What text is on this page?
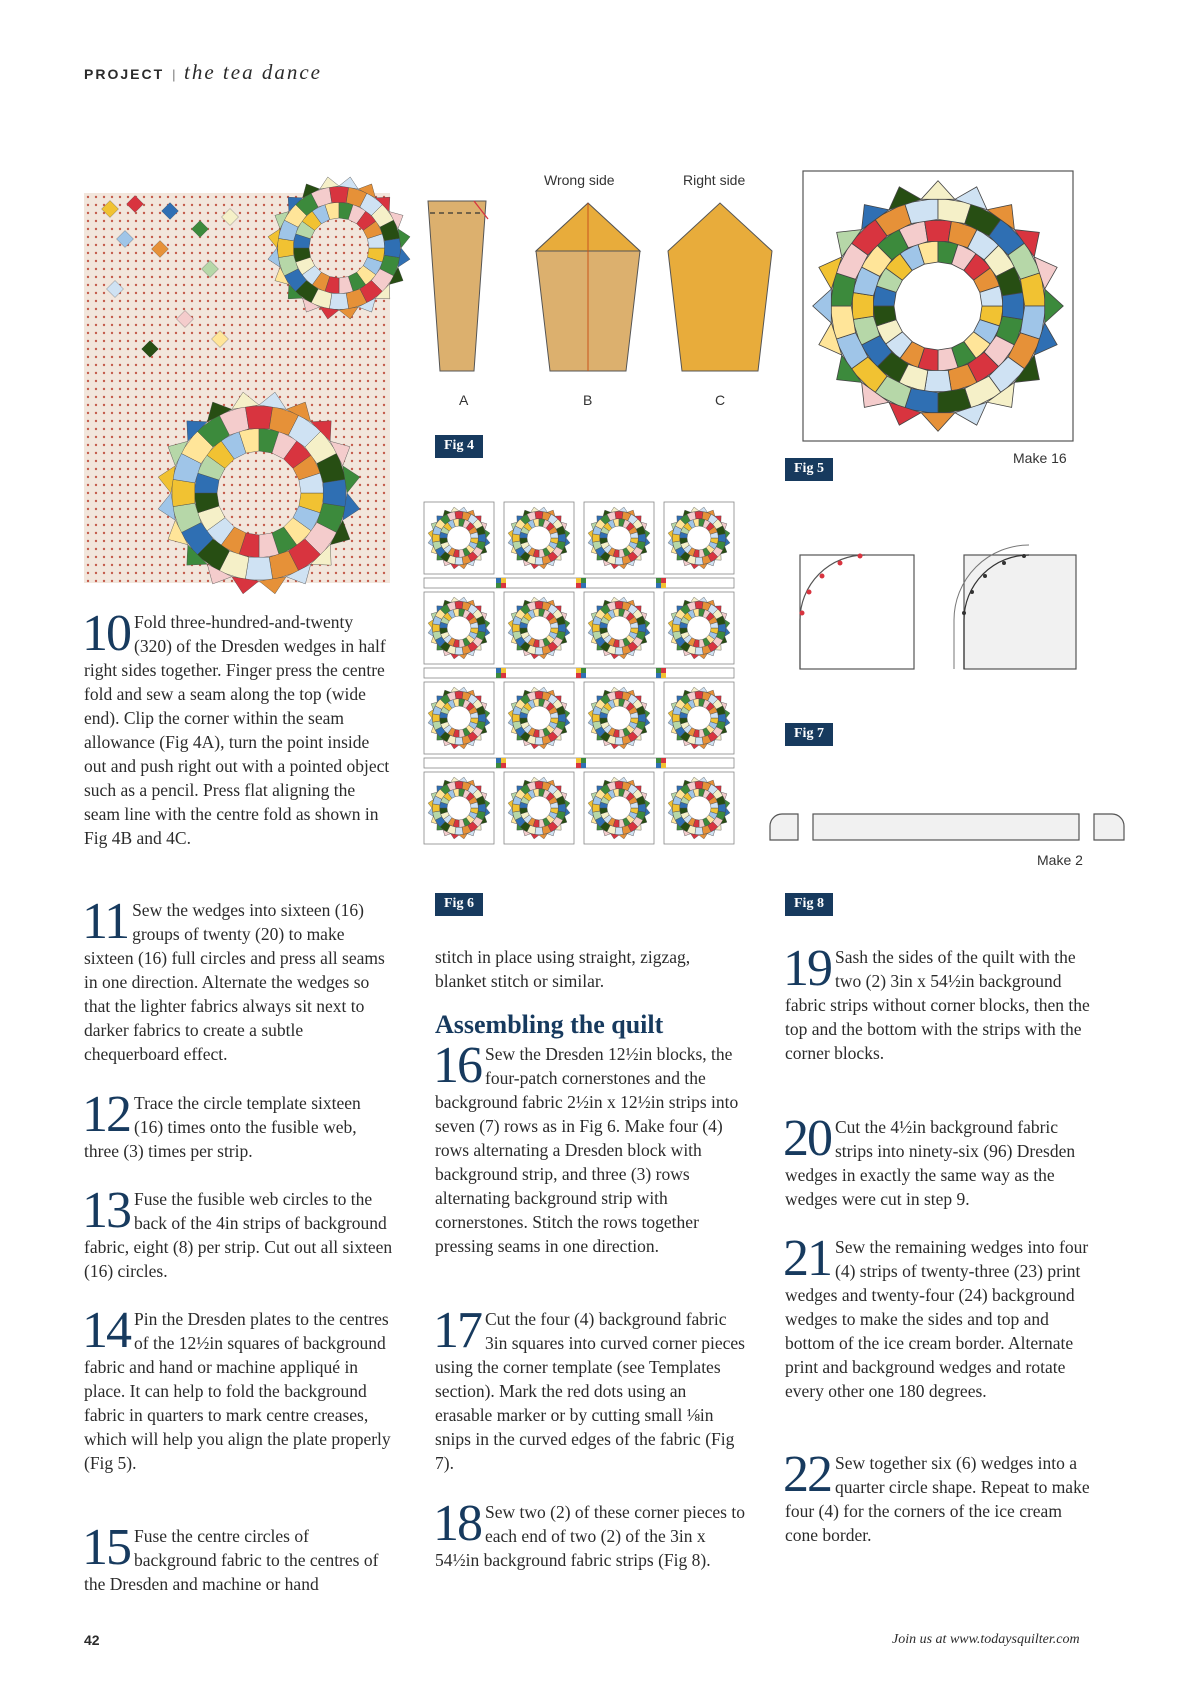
PROJECT | the tea dance
Wrong side	Right side
A	B	C
Fig 4
Make 16
Fig 5
Fig 6
Fig 7
Make 2
Fig 8
10 Fold three-hundred-and-twenty (320) of the Dresden wedges in half right sides together. Finger press the centre fold and sew a seam along the top (wide end). Clip the corner within the seam allowance (Fig 4A), turn the point inside out and push right out with a pointed object such as a pencil. Press flat aligning the seam line with the centre fold as shown in Fig 4B and 4C.

11 Sew the wedges into sixteen (16) groups of twenty (20) to make sixteen (16) full circles and press all seams in one direction. Alternate the wedges so that the lighter fabrics always sit next to darker fabrics to create a subtle chequerboard effect.

12 Trace the circle template sixteen (16) times onto the fusible web, three (3) times per strip.

13 Fuse the fusible web circles to the back of the 4in strips of background fabric, eight (8) per strip. Cut out all sixteen (16) circles.

14 Pin the Dresden plates to the centres of the 12½in squares of background fabric and hand or machine appliqué in place. It can help to fold the background fabric in quarters to mark centre creases, which will help you align the plate properly (Fig 5).

15 Fuse the centre circles of background fabric to the centres of the Dresden and machine or hand

stitch in place using straight, zigzag, blanket stitch or similar.

Assembling the quilt
16 Sew the Dresden 12½in blocks, the four-patch cornerstones and the background fabric 2½in x 12½in strips into seven (7) rows as in Fig 6. Make four (4) rows alternating a Dresden block with background strip, and three (3) rows alternating background strip with cornerstones. Stitch the rows together pressing seams in one direction.

17 Cut the four (4) background fabric 3in squares into curved corner pieces using the corner template (see Templates section). Mark the red dots using an erasable marker or by cutting small ⅛in snips in the curved edges of the fabric (Fig 7).

18 Sew two (2) of these corner pieces to each end of two (2) of the 3in x 54½in background fabric strips (Fig 8).

19 Sash the sides of the quilt with the two (2) 3in x 54½in background fabric strips without corner blocks, then the top and the bottom with the strips with the corner blocks.

20 Cut the 4½in background fabric strips into ninety-six (96) Dresden wedges in exactly the same way as the wedges were cut in step 9.

21 Sew the remaining wedges into four (4) strips of twenty-three (23) print wedges and twenty-four (24) background wedges to make the sides and top and bottom of the ice cream border. Alternate print and background wedges and rotate every other one 180 degrees.

22 Sew together six (6) wedges into a quarter circle shape. Repeat to make four (4) for the corners of the ice cream cone border.

42	Join us at www.todaysquilter.com
